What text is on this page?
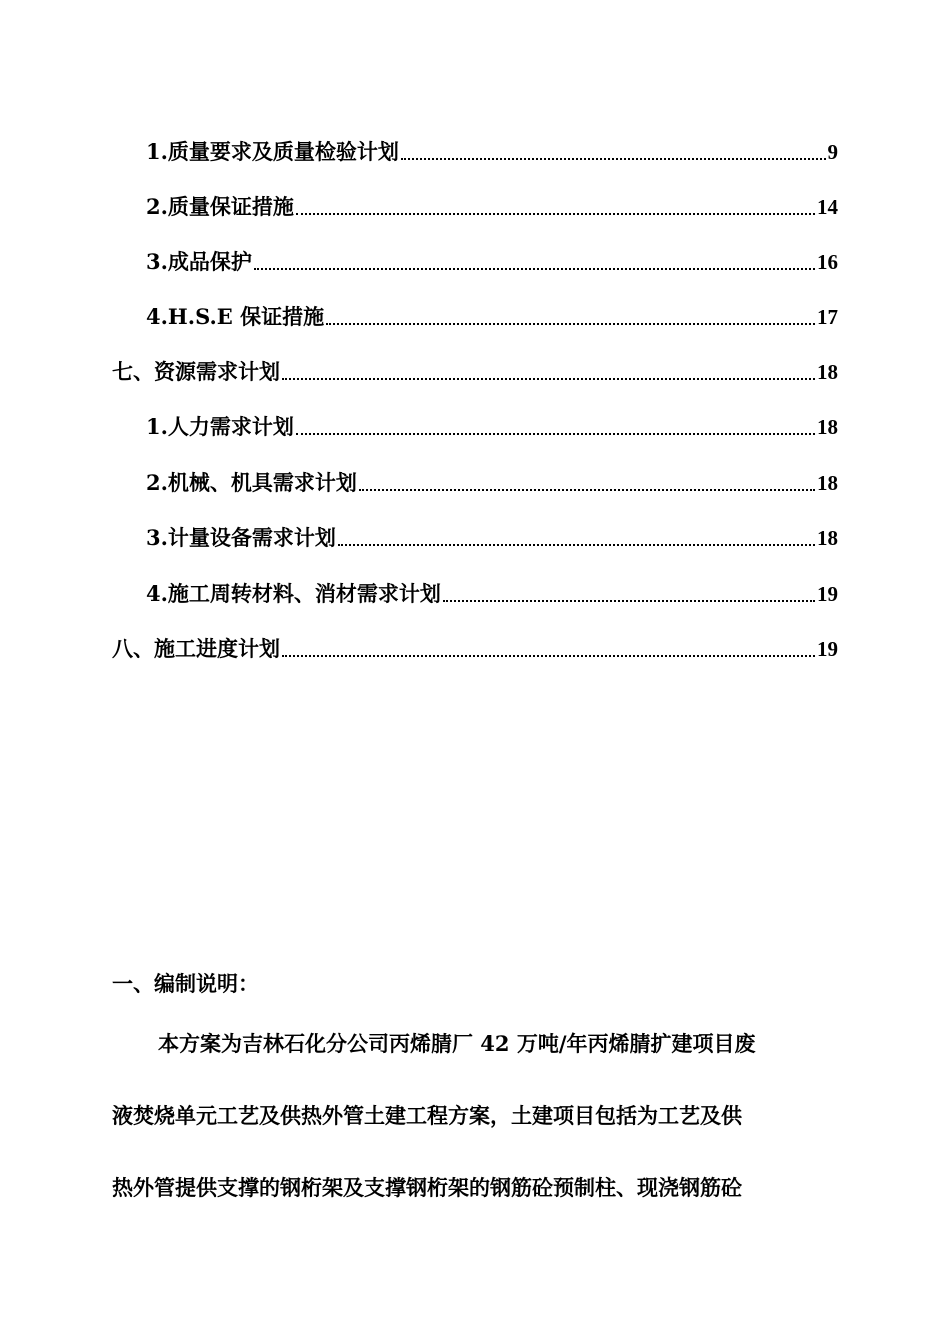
1.质量要求及质量检验计划	9
2.质量保证措施	14
3.成品保护	16
4.H.S.E 保证措施	17
七、资源需求计划	18
1.人力需求计划	18
2.机械、机具需求计划	18
3.计量设备需求计划	18
4.施工周转材料、消材需求计划	19
八、施工进度计划	19
一、编制说明：
本方案为吉林石化分公司丙烯腈厂 42 万吨/年丙烯腈扩建项目废
液焚烧单元工艺及供热外管土建工程方案，土建项目包括为工艺及供
热外管提供支撑的钢桁架及支撑钢桁架的钢筋砼预制柱、现浇钢筋砼
